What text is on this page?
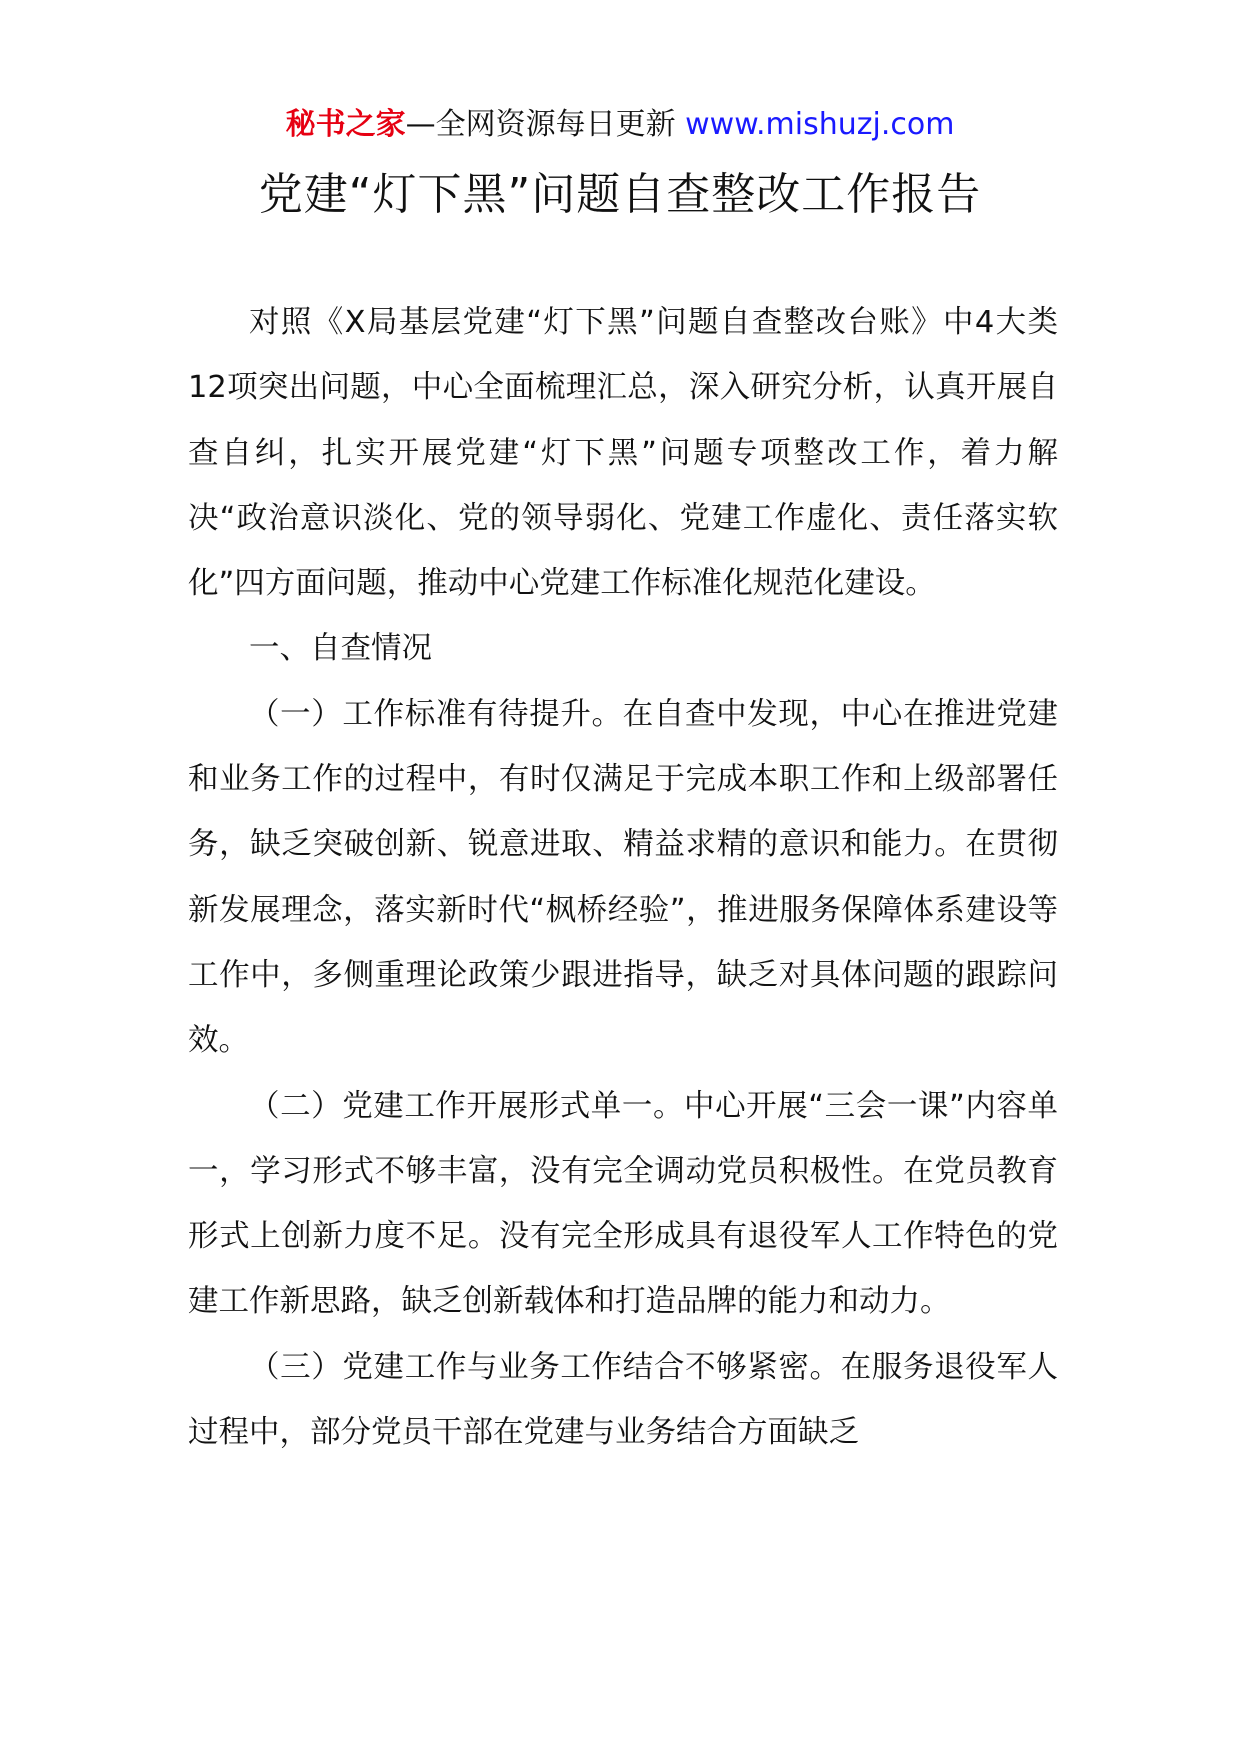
秘书之家—全网资源每日更新 www.mishuzj.com
党建“灯下黑”问题自查整改工作报告

对照《X局基层党建“灯下黑”问题自查整改台账》中4大类12项突出问题，中心全面梳理汇总，深入研究分析，认真开展自查自纠，扎实开展党建“灯下黑”问题专项整改工作，着力解决“政治意识淡化、党的领导弱化、党建工作虚化、责任落实软化”四方面问题，推动中心党建工作标准化规范化建设。

一、自查情况

（一）工作标准有待提升。在自查中发现，中心在推进党建和业务工作的过程中，有时仅满足于完成本职工作和上级部署任务，缺乏突破创新、锐意进取、精益求精的意识和能力。在贯彻新发展理念，落实新时代“枫桥经验”，推进服务保障体系建设等工作中，多侧重理论政策少跟进指导，缺乏对具体问题的跟踪问效。

（二）党建工作开展形式单一。中心开展“三会一课”内容单一，学习形式不够丰富，没有完全调动党员积极性。在党员教育形式上创新力度不足。没有完全形成具有退役军人工作特色的党建工作新思路，缺乏创新载体和打造品牌的能力和动力。

（三）党建工作与业务工作结合不够紧密。在服务退役军人过程中，部分党员干部在党建与业务结合方面缺乏
